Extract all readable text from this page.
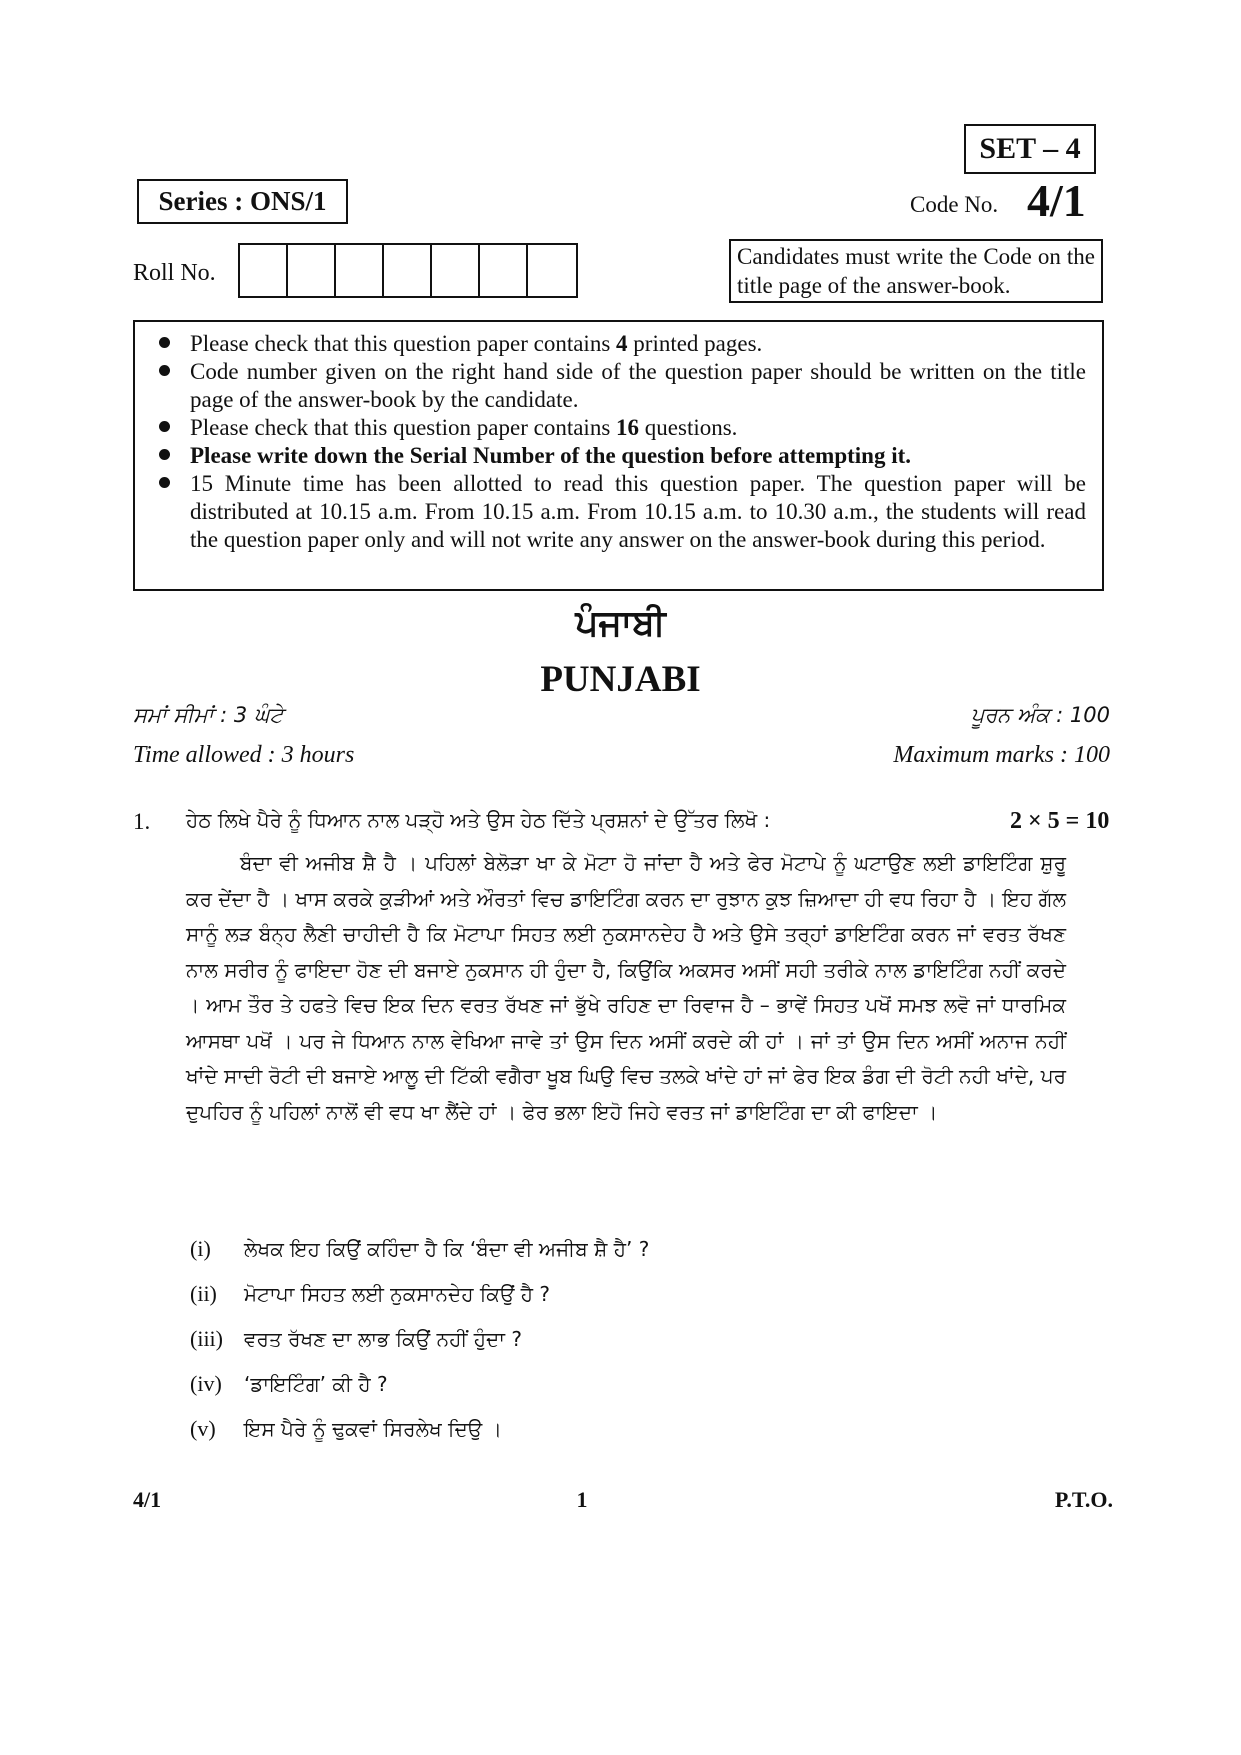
SET – 4
Series : ONS/1	Code No. 4/1
Roll No.
Candidates must write the Code on the title page of the answer-book.
Please check that this question paper contains 4 printed pages.
Code number given on the right hand side of the question paper should be written on the title page of the answer-book by the candidate.
Please check that this question paper contains 16 questions.
Please write down the Serial Number of the question before attempting it.
15 Minute time has been allotted to read this question paper. The question paper will be distributed at 10.15 a.m. From 10.15 a.m. From 10.15 a.m. to 10.30 a.m., the students will read the question paper only and will not write any answer on the answer-book during this period.
ਪੰਜਾਬੀ
PUNJABI
ਸਮਾਂ ਸੀਮਾਂ : 3 ਘੰਟੇ	ਪੂਰਨ ਅੰਕ : 100
Time allowed : 3 hours	Maximum marks : 100
1. ਹੇਠ ਲਿਖੇ ਪੈਰੇ ਨੂੰ ਧਿਆਨ ਨਾਲ ਪੜ੍ਹੋ ਅਤੇ ਉਸ ਹੇਠ ਦਿੱਤੇ ਪ੍ਰਸ਼ਨਾਂ ਦੇ ਉੱਤਰ ਲਿਖੋ :	2 × 5 = 10
ਬੰਦਾ ਵੀ ਅਜੀਬ ਸ਼ੈ ਹੈ । ਪਹਿਲਾਂ ਬੇਲੋੜਾ ਖਾ ਕੇ ਮੋਟਾ ਹੋ ਜਾਂਦਾ ਹੈ ਅਤੇ ਫੇਰ ਮੋਟਾਪੇ ਨੂੰ ਘਟਾਉਣ ਲਈ ਡਾਇਟਿੰਗ ਸ਼ੁਰੂ ਕਰ ਦੇਂਦਾ ਹੈ । ਖਾਸ ਕਰਕੇ ਕੁੜੀਆਂ ਅਤੇ ਔਰਤਾਂ ਵਿਚ ਡਾਇਟਿੰਗ ਕਰਨ ਦਾ ਰੁਝਾਨ ਕੁਝ ਜ਼ਿਆਦਾ ਹੀ ਵਧ ਰਿਹਾ ਹੈ । ਇਹ ਗੱਲ ਸਾਨੂੰ ਲੜ ਬੰਨ੍ਹ ਲੈਣੀ ਚਾਹੀਦੀ ਹੈ ਕਿ ਮੋਟਾਪਾ ਸਿਹਤ ਲਈ ਨੁਕਸਾਨਦੇਹ ਹੈ ਅਤੇ ਉਸੇ ਤਰ੍ਹਾਂ ਡਾਇਟਿੰਗ ਕਰਨ ਜਾਂ ਵਰਤ ਰੱਖਣ ਨਾਲ ਸਰੀਰ ਨੂੰ ਫਾਇਦਾ ਹੋਣ ਦੀ ਬਜਾਏ ਨੁਕਸਾਨ ਹੀ ਹੁੰਦਾ ਹੈ, ਕਿਉਂਕਿ ਅਕਸਰ ਅਸੀਂ ਸਹੀ ਤਰੀਕੇ ਨਾਲ ਡਾਇਟਿੰਗ ਨਹੀਂ ਕਰਦੇ । ਆਮ ਤੌਰ ਤੇ ਹਫਤੇ ਵਿਚ ਇਕ ਦਿਨ ਵਰਤ ਰੱਖਣ ਜਾਂ ਭੁੱਖੇ ਰਹਿਣ ਦਾ ਰਿਵਾਜ ਹੈ – ਭਾਵੇਂ ਸਿਹਤ ਪਖੋਂ ਸਮਝ ਲਵੋ ਜਾਂ ਧਾਰਮਿਕ ਆਸਥਾ ਪਖੋਂ । ਪਰ ਜੇ ਧਿਆਨ ਨਾਲ ਵੇਖਿਆ ਜਾਵੇ ਤਾਂ ਉਸ ਦਿਨ ਅਸੀਂ ਕਰਦੇ ਕੀ ਹਾਂ । ਜਾਂ ਤਾਂ ਉਸ ਦਿਨ ਅਸੀਂ ਅਨਾਜ ਨਹੀਂ ਖਾਂਦੇ ਸਾਦੀ ਰੋਟੀ ਦੀ ਬਜਾਏ ਆਲੂ ਦੀ ਟਿੱਕੀ ਵਗੈਰਾ ਖੂਬ ਘਿਉ ਵਿਚ ਤਲਕੇ ਖਾਂਦੇ ਹਾਂ ਜਾਂ ਫੇਰ ਇਕ ਡੰਗ ਦੀ ਰੋਟੀ ਨਹੀ ਖਾਂਦੇ, ਪਰ ਦੁਪਹਿਰ ਨੂੰ ਪਹਿਲਾਂ ਨਾਲੋਂ ਵੀ ਵਧ ਖਾ ਲੈਂਦੇ ਹਾਂ । ਫੇਰ ਭਲਾ ਇਹੋ ਜਿਹੇ ਵਰਤ ਜਾਂ ਡਾਇਟਿੰਗ ਦਾ ਕੀ ਫਾਇਦਾ ।
(i) ਲੇਖਕ ਇਹ ਕਿਉਂ ਕਹਿੰਦਾ ਹੈ ਕਿ ‘ਬੰਦਾ ਵੀ ਅਜੀਬ ਸ਼ੈ ਹੈ’ ?
(ii) ਮੋਟਾਪਾ ਸਿਹਤ ਲਈ ਨੁਕਸਾਨਦੇਹ ਕਿਉਂ ਹੈ ?
(iii) ਵਰਤ ਰੱਖਣ ਦਾ ਲਾਭ ਕਿਉਂ ਨਹੀਂ ਹੁੰਦਾ ?
(iv) ‘ਡਾਇਟਿੰਗ’ ਕੀ ਹੈ ?
(v) ਇਸ ਪੈਰੇ ਨੂੰ ਢੁਕਵਾਂ ਸਿਰਲੇਖ ਦਿਉ ।
4/1	1	P.T.O.
